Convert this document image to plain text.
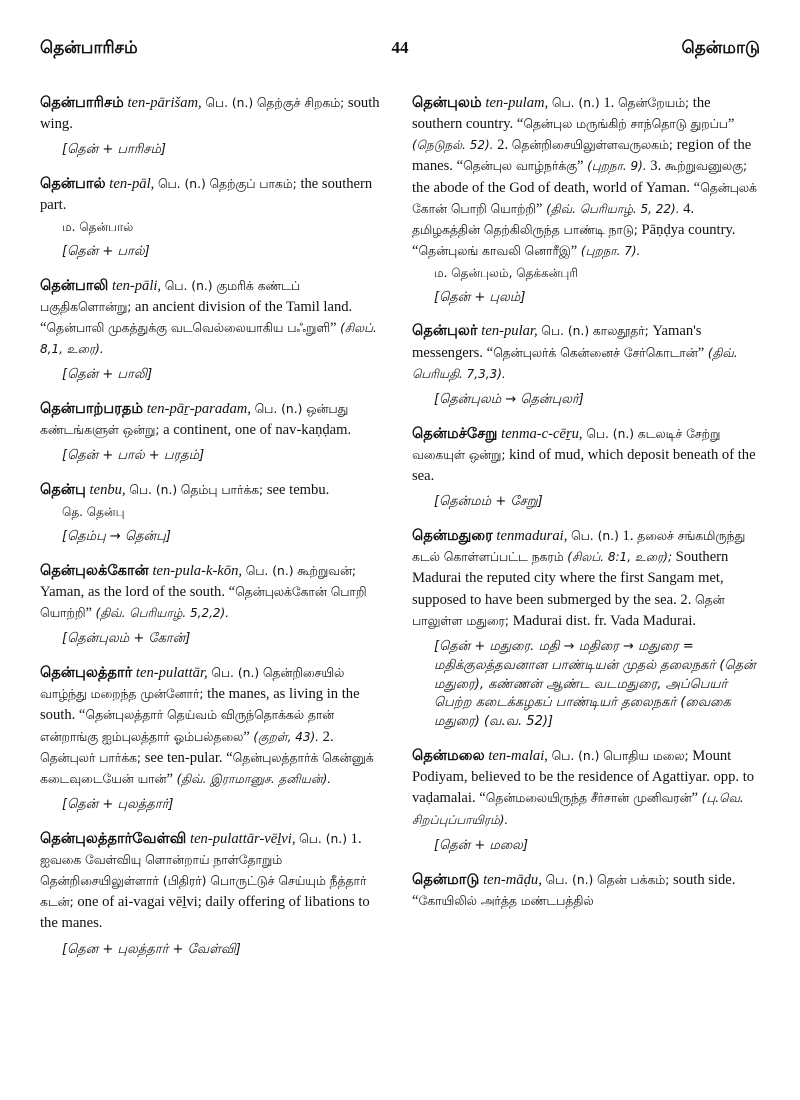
தென்பாரிசம்	44	தென்மாடு
தென்பாரிசம் ten-pārišam, பெ. (n.) தெற்குச் சிறகம்; south wing.
[தென் + பாரிசம்]
தென்பால் ten-pāl, பெ. (n.) தெற்குப் பாகம்; the southern part.
ம. தென்பால்
[தென் + பால்]
தென்பாலி ten-pāli, பெ. (n.) குமரிக் கண்டப் பகுதிகளொன்று; an ancient division of the Tamil land. “தென்பாலி முகத்துக்கு வடவெல்லையாகிய பஃறுளி” (சிலப். 8,1, உரை).
[தென் + பாலி]
தென்பாற்பரதம் ten-pāṟ-paradam, பெ. (n.) ஒன்பது கண்டங்களுள் ஒன்று; a continent, one of nav-kaṇḍam.
[தென் + பால் + பரதம்]
தென்பு tenbu, பெ. (n.) தெம்பு பார்க்க; see tembu.
தெ. தென்பு
[தெம்பு → தென்பு]
தென்புலக்கோன் ten-pula-k-kōn, பெ. (n.) கூற்றுவன்; Yaman, as the lord of the south. “தென்புலக்கோன் பொறி யொற்றி” (திவ். பெரியாழ். 5,2,2).
[தென்புலம் + கோன்]
தென்புலத்தார் ten-pulattār, பெ. (n.) தென்றிசையில் வாழ்ந்து மறைந்த முன்னோர்; the manes, as living in the south. “தென்புலத்தார் தெய்வம் விருந்தொக்கல் தான் என்றாங்கு ஐம்புலத்தார் ஓம்பல்தலை” (குறள், 43). 2. தென்புலர் பார்க்க; see ten-pular. “தென்புலத்தார்க் கென்னுக் கடைவுடையேன் யான்” (திவ். இராமானுச. தனியன்).
[தென் + புலத்தார்]
தென்புலத்தார்வேள்வி ten-pulattār-vēḻvi, பெ. (n.) 1. ஐவகை வேள்வியு ளொன்றாய் நாள்தோறும் தென்றிசையிலுள்ளார் (பிதிரர்) பொருட்டுச் செய்யும் நீத்தார் கடன்; one of ai-vagai vēḻvi; daily offering of libations to the manes.
[தென + புலத்தார் + வேள்வி]
தென்புலம் ten-pulam, பெ. (n.) 1. தென்றேயம்; the southern country. “தென்புல மருங்கிற் சாந்தொடு துறப்ப” (நெடுநல். 52). 2. தென்றிசையிலுள்ளவருலகம்; region of the manes. “தென்புல வாழ்நர்க்கு” (புறநா. 9). 3. கூற்றுவனுலகு; the abode of the God of death, world of Yaman. “தென்புலக் கோன் பொறி யொற்றி” (திவ். பெரியாழ். 5, 22). 4. தமிழகத்தின் தெற்கிலிருந்த பாண்டி நாடு; Pāṇḍya country. “தென்புலங் காவலி னொரீஇ” (புறநா. 7).
ம. தென்புலம், தெக்கன்புரி
[தென் + புலம்]
தென்புலர் ten-pular, பெ. (n.) காலதூதர்; Yaman's messengers. “தென்புலர்க் கென்னைச் சேர்கொடான்” (திவ். பெரியதி. 7,3,3).
[தென்புலம் → தென்புலர்]
தென்மச்சேறு tenma-c-cēṟu, பெ. (n.) கடலடிச் சேற்று வகையுள் ஒன்று; kind of mud, which deposit beneath of the sea.
[தென்மம் + சேறு]
தென்மதுரை tenmadurai, பெ. (n.) 1. தலைச் சங்கமிருந்து கடல் கொள்ளப்பட்ட நகரம் (சிலப். 8:1, உரை); Southern Madurai the reputed city where the first Sangam met, supposed to have been submerged by the sea. 2. தென் பாலுள்ள மதுரை; Madurai dist. fr. Vada Madurai.
[தென் + மதுரை. மதி → மதிரை → மதுரை = மதிக்குலத்தவனான பாண்டியன் முதல் தலைநகர் (தென் மதுரை), கண்ணன் ஆண்ட வடமதுரை, அப்பெயர் பெற்ற கடைக்கழகப் பாண்டியர் தலைநகர் (வைகை மதுரை) (வ.வ. 52)]
தென்மலை ten-malai, பெ. (n.) பொதிய மலை; Mount Podiyam, believed to be the residence of Agattiyar. opp. to vaḍamalai. “தென்மலையிருந்த சீர்சான் முனிவரன்” (பு.வெ. சிறப்புப்பாயிரம்).
[தென் + மலை]
தென்மாடு ten-māḍu, பெ. (n.) தென் பக்கம்; south side. “கோயிலில் அர்த்த மண்டபத்தில்
